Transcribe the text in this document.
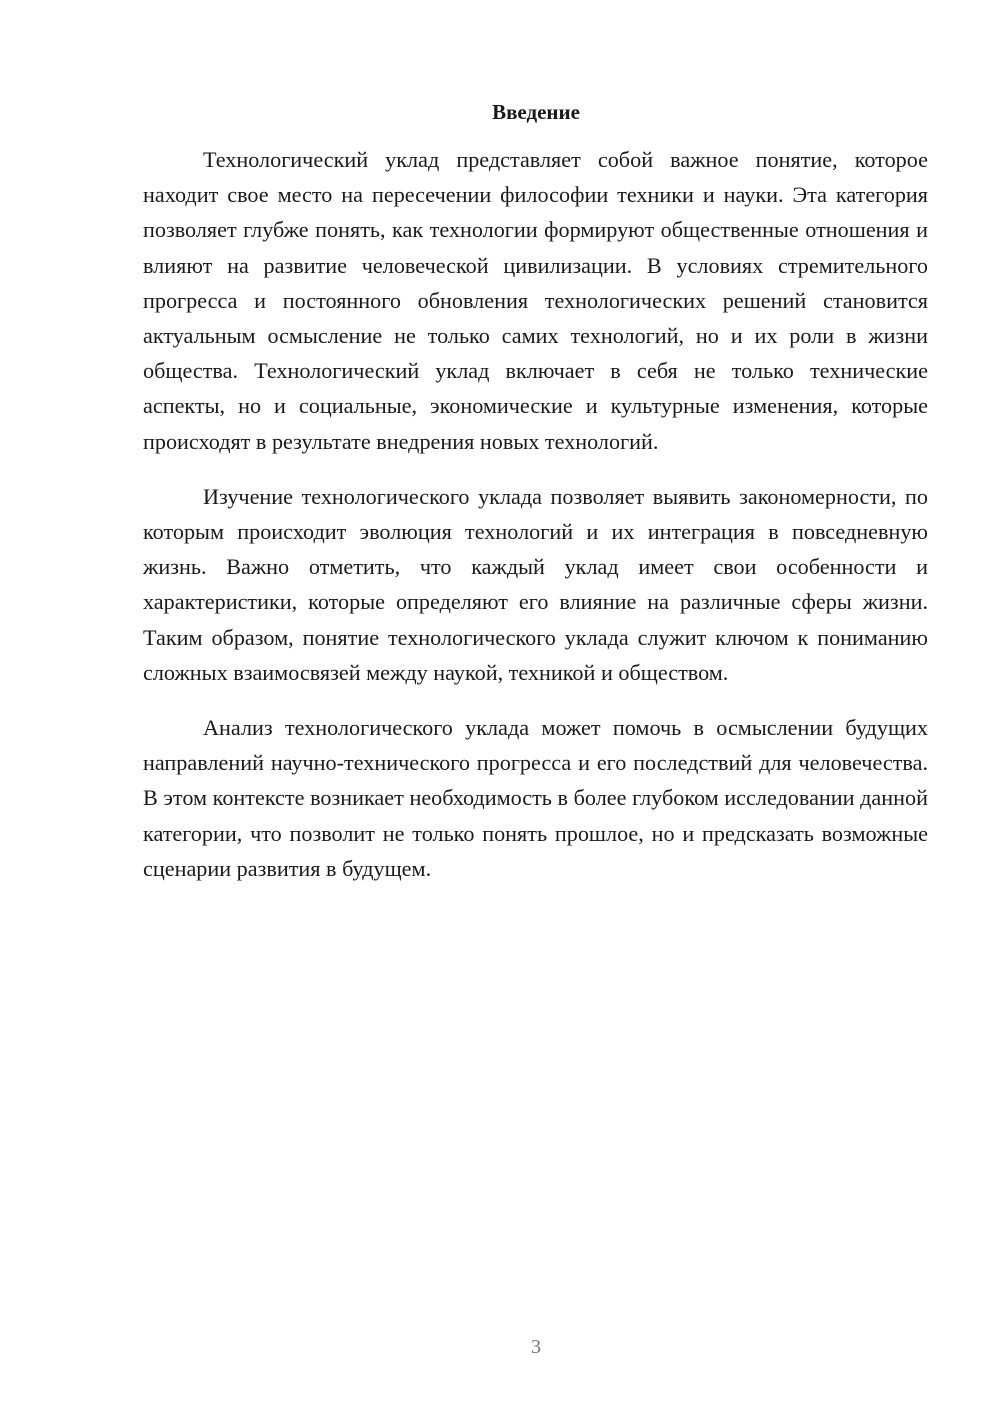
Введение

Технологический уклад представляет собой важное понятие, которое находит свое место на пересечении философии техники и науки. Эта категория позволяет глубже понять, как технологии формируют общественные отношения и влияют на развитие человеческой цивилизации. В условиях стремительного прогресса и постоянного обновления технологических решений становится актуальным осмысление не только самих технологий, но и их роли в жизни общества. Технологический уклад включает в себя не только технические аспекты, но и социальные, экономические и культурные изменения, которые происходят в результате внедрения новых технологий.

Изучение технологического уклада позволяет выявить закономерности, по которым происходит эволюция технологий и их интеграция в повседневную жизнь. Важно отметить, что каждый уклад имеет свои особенности и характеристики, которые определяют его влияние на различные сферы жизни. Таким образом, понятие технологического уклада служит ключом к пониманию сложных взаимосвязей между наукой, техникой и обществом.

Анализ технологического уклада может помочь в осмыслении будущих направлений научно-технического прогресса и его последствий для человечества. В этом контексте возникает необходимость в более глубоком исследовании данной категории, что позволит не только понять прошлое, но и предсказать возможные сценарии развития в будущем.

3
